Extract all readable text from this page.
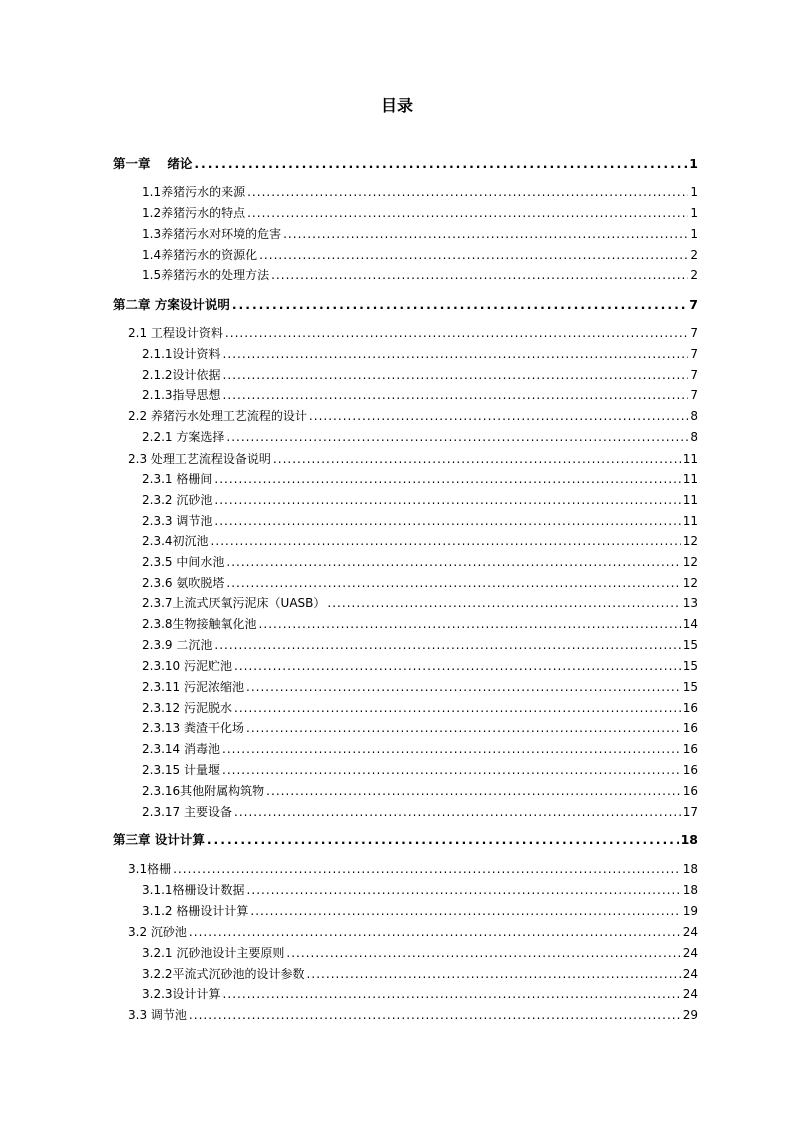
目录
第一章　 绪论 . . .	1
1.1养猪污水的来源 . . .	1
1.2养猪污水的特点 . . .	1
1.3养猪污水对环境的危害 . . .	1
1.4养猪污水的资源化 . . .	2
1.5养猪污水的处理方法 . . .	2
第二章 方案设计说明 . . .	7
2.1 工程设计资料 . . .	7
2.1.1设计资料 . . .	7
2.1.2设计依据 . . .	7
2.1.3指导思想 . . .	7
2.2 养猪污水处理工艺流程的设计 . . .	8
2.2.1 方案选择 . . .	8
2.3 处理工艺流程设备说明 . . .	11
2.3.1 格栅间 . . .	11
2.3.2 沉砂池 . . .	11
2.3.3 调节池 . . .	11
2.3.4初沉池 . . .	12
2.3.5 中间水池 . . .	12
2.3.6 氨吹脱塔 . . .	12
2.3.7上流式厌氧污泥床（UASB） . . .	13
2.3.8生物接触氧化池 . . .	14
2.3.9 二沉池 . . .	15
2.3.10 污泥贮池 . . .	15
2.3.11 污泥浓缩池 . . .	15
2.3.12 污泥脱水 . . .	16
2.3.13 粪渣干化场 . . .	16
2.3.14 消毒池 . . .	16
2.3.15 计量堰 . . .	16
2.3.16其他附属构筑物 . . .	16
2.3.17 主要设备 . . .	17
第三章 设计计算 . . .	18
3.1格栅 . . .	18
3.1.1格栅设计数据 . . .	18
3.1.2 格栅设计计算 . . .	19
3.2 沉砂池 . . .	24
3.2.1 沉砂池设计主要原则 . . .	24
3.2.2平流式沉砂池的设计参数 . . .	24
3.2.3设计计算 . . .	24
3.3 调节池 . . .	29
